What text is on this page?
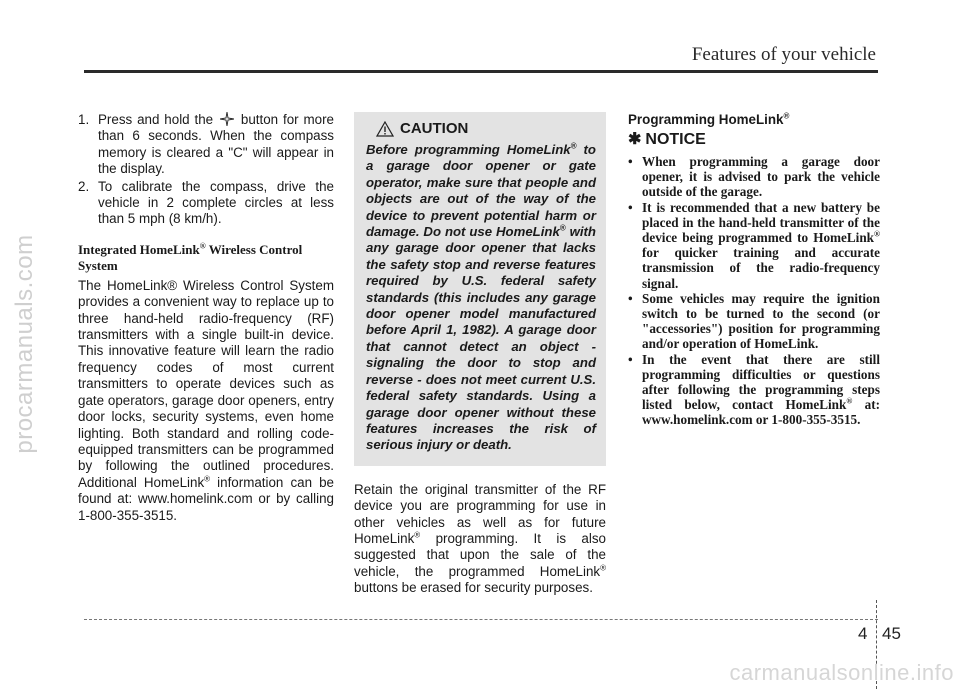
Features of your vehicle
procarmanuals.com
1. Press and hold the button for more than 6 seconds. When the compass memory is cleared a "C" will appear in the display.
2. To calibrate the compass, drive the vehicle in 2 complete circles at less than 5 mph (8 km/h).
Integrated HomeLink® Wireless Control System
The HomeLink® Wireless Control System provides a convenient way to replace up to three hand-held radio-frequency (RF) transmitters with a single built-in device. This innovative feature will learn the radio frequency codes of most current transmitters to operate devices such as gate operators, garage door openers, entry door locks, security systems, even home lighting. Both standard and rolling code-equipped transmitters can be programmed by following the outlined procedures. Additional HomeLink® information can be found at: www.homelink.com or by calling 1-800-355-3515.
CAUTION
Before programming HomeLink® to a garage door opener or gate operator, make sure that people and objects are out of the way of the device to prevent potential harm or damage. Do not use HomeLink® with any garage door opener that lacks the safety stop and reverse features required by U.S. federal safety standards (this includes any garage door opener model manufactured before April 1, 1982). A garage door that cannot detect an object - signaling the door to stop and reverse - does not meet current U.S. federal safety standards. Using a garage door opener without these features increases the risk of serious injury or death.
Retain the original transmitter of the RF device you are programming for use in other vehicles as well as for future HomeLink® programming. It is also suggested that upon the sale of the vehicle, the programmed HomeLink® buttons be erased for security purposes.
Programming HomeLink®
✱ NOTICE
• When programming a garage door opener, it is advised to park the vehicle outside of the garage.
• It is recommended that a new battery be placed in the hand-held transmitter of the device being programmed to HomeLink® for quicker training and accurate transmission of the radio-frequency signal.
• Some vehicles may require the ignition switch to be turned to the second (or "accessories") position for programming and/or operation of HomeLink.
• In the event that there are still programming difficulties or questions after following the programming steps listed below, contact HomeLink® at: www.homelink.com or 1-800-355-3515.
4 45
carmanualsonline.info
